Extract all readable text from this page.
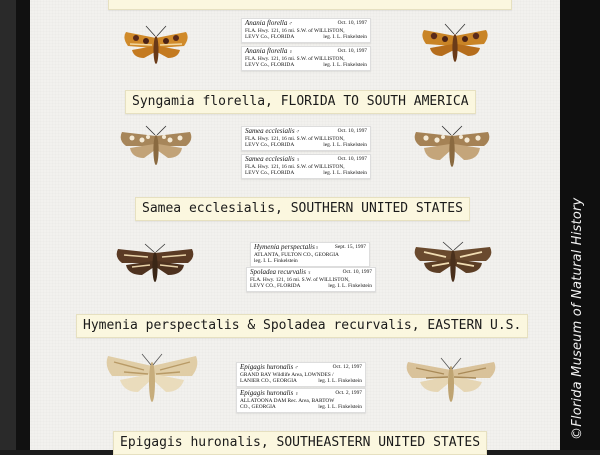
©Florida Museum of Natural History
Anania florella ♂	Oct. 10, 1997
FLA. Hwy. 121, 16 mi. S.W. of WILLISTON,
LEVY Co., FLORIDA	leg. I. L. Finkelstein
Anania florella ♀	Oct. 10, 1997
FLA. Hwy. 121, 16 mi. S.W. of WILLISTON,
LEVY Co., FLORIDA	leg. I. L. Finkelstein
Syngamia florella, FLORIDA TO SOUTH AMERICA
Samea ecclesialis ♂	Oct. 10, 1997
FLA. Hwy. 121, 16 mi. S.W. of WILLISTON,
LEVY Co., FLORIDA	leg. I. L. Finkelstein
Samea ecclesialis ♀	Oct. 10, 1997
FLA. Hwy. 121, 16 mi. S.W. of WILLISTON,
LEVY Co., FLORIDA	leg. I. L. Finkelstein
Samea ecclesialis, SOUTHERN UNITED STATES
Hymenia perspectalis♀	Sept. 15, 1997
ATLANTA, FULTON CO., GEORGIA
leg. I. L. Finkelstein
Spoladea recurvalis ♀	Oct. 10, 1997
FLA. Hwy. 121, 16 mi. S.W. of WILLISTON,
LEVY CO., FLORIDA	leg. I. L. Finkelstein
Hymenia perspectalis & Spoladea recurvalis, EASTERN U.S.
Epigagis huronalis ♂	Oct. 12, 1997
GRAND BAY Wildlife Area, LOWNDES /
LANIER CO., GEORGIA	leg. I. L. Finkelstein
Epigagis huronalis ♀	Oct. 2, 1997
ALLATOONA DAM Rec. Area, BARTOW
CO., GEORGIA	leg. I. L. Finkelstein
Epigagis huronalis, SOUTHEASTERN UNITED STATES
